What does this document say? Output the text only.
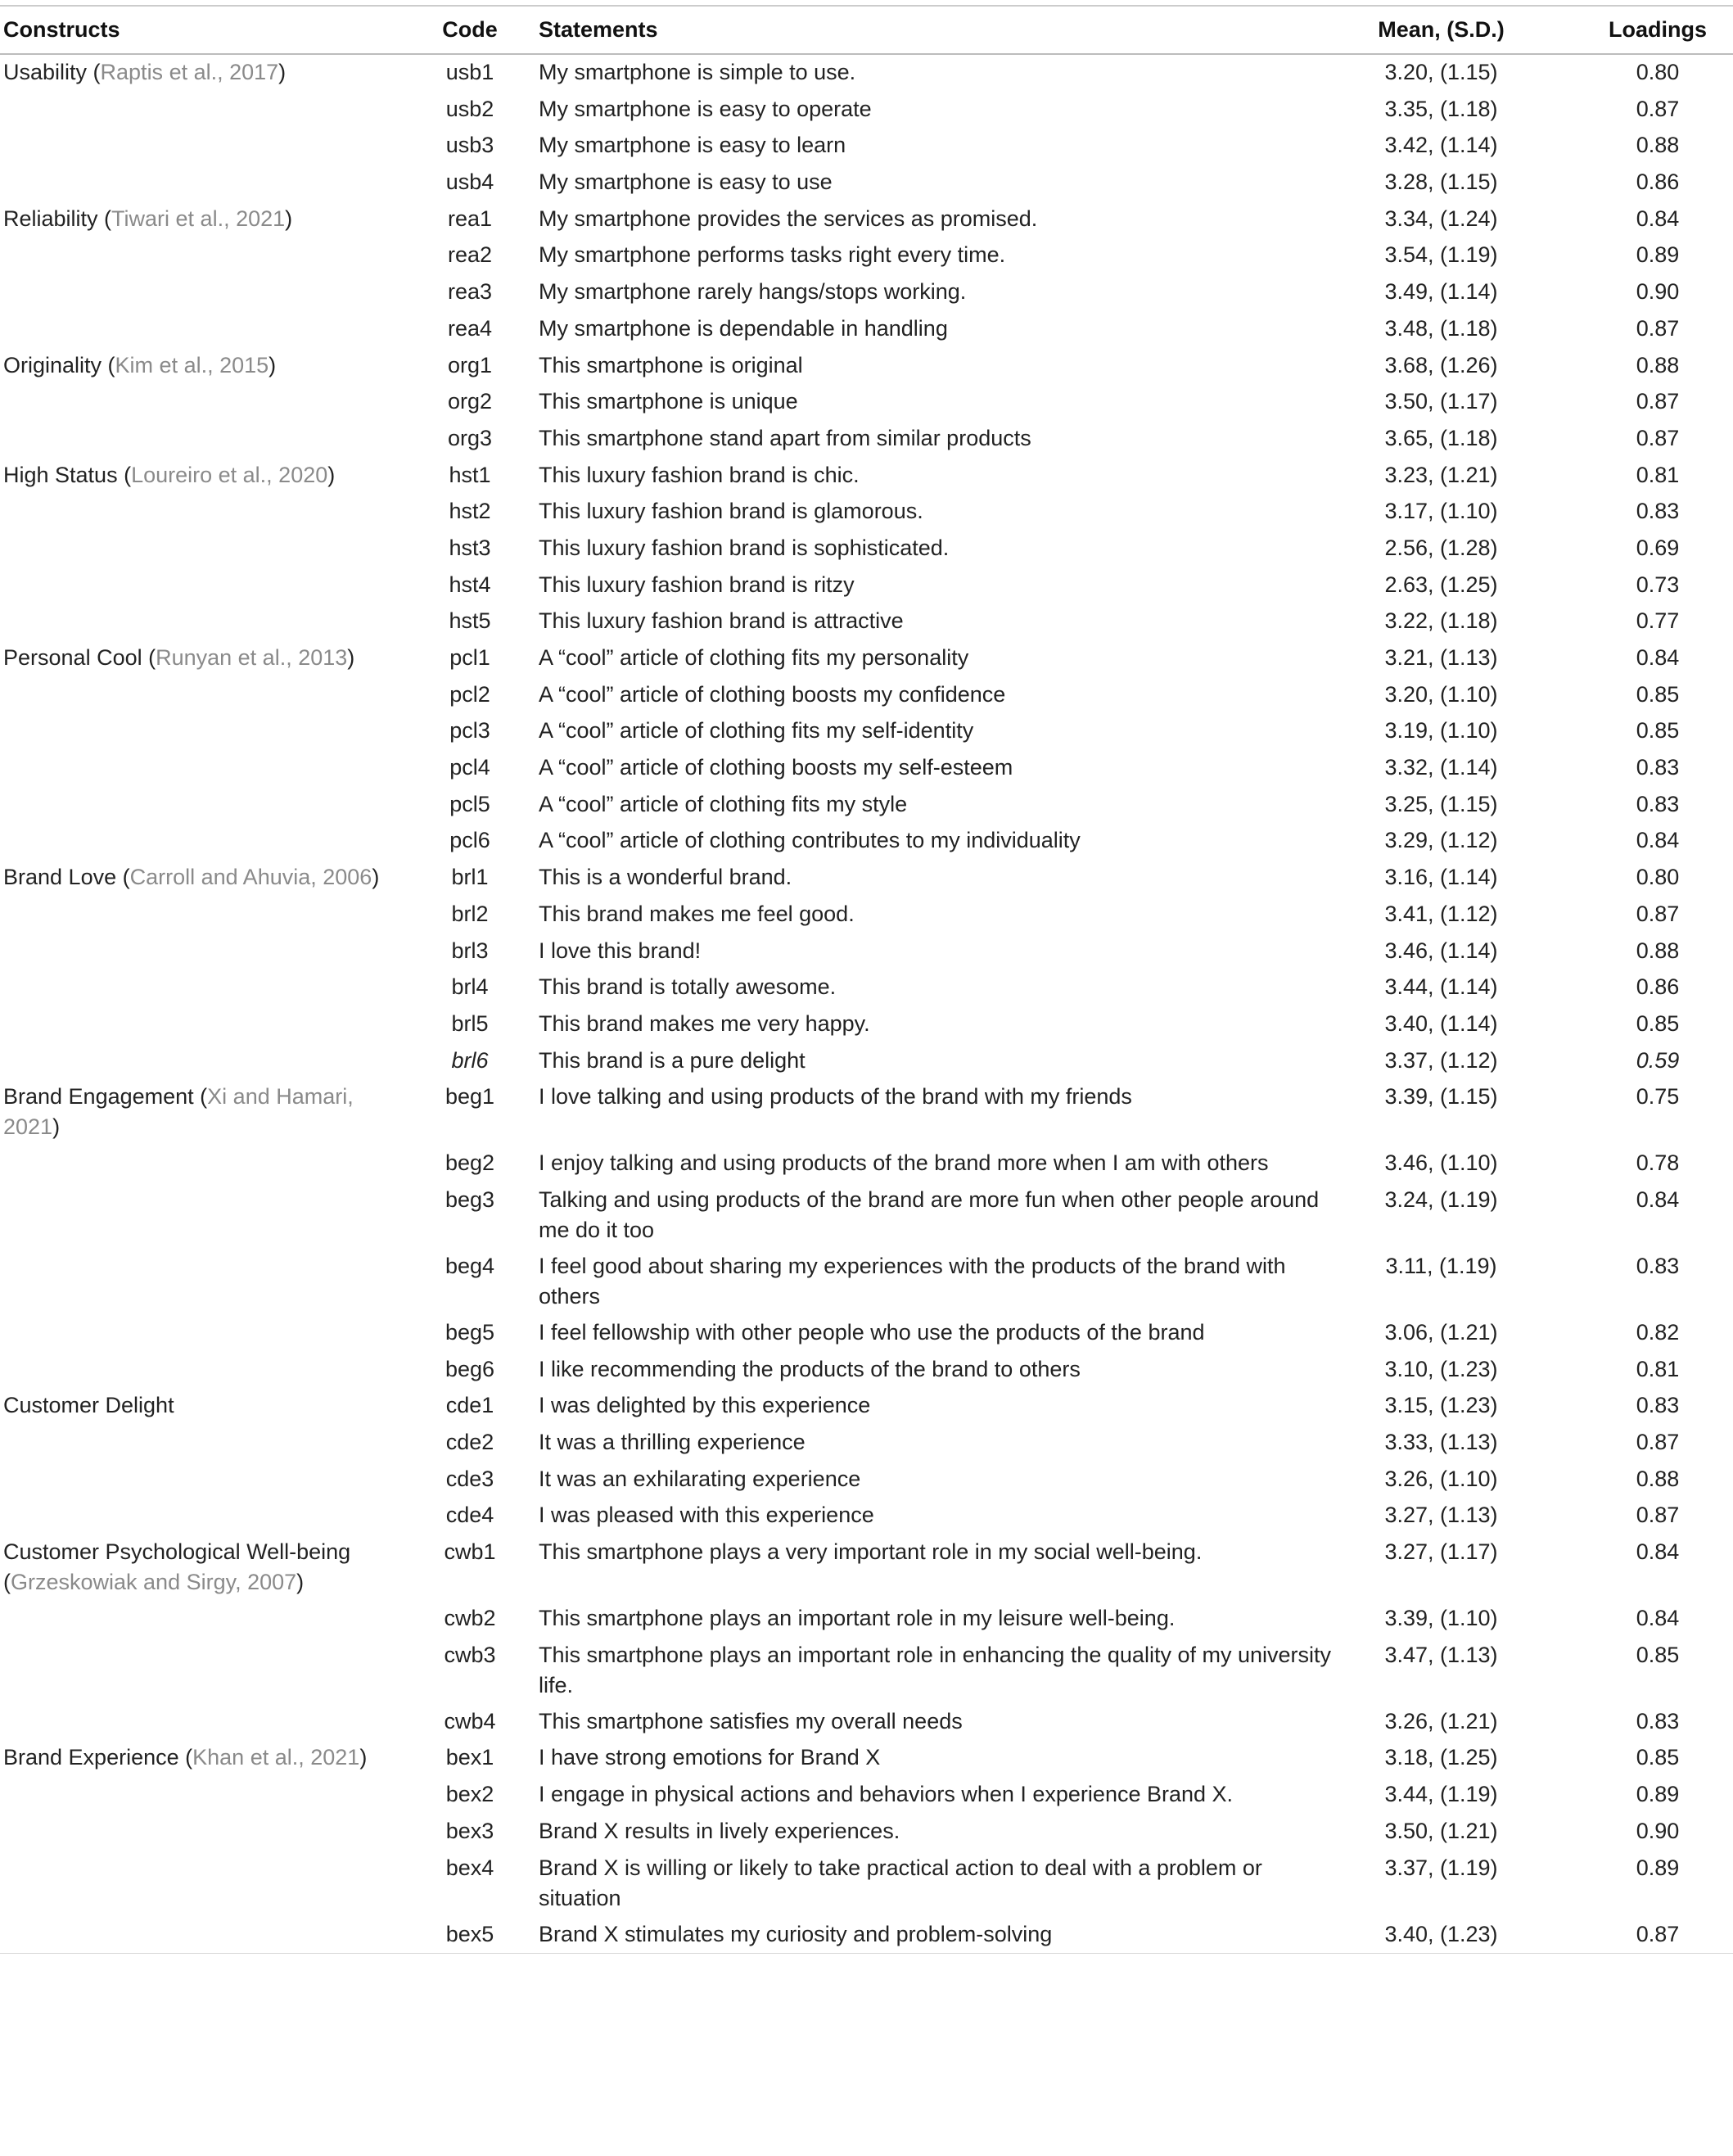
Constructs	Code	Statements	Mean, (S.D.)	Loadings
Usability (Raptis et al., 2017)	usb1	My smartphone is simple to use.	3.20, (1.15)	0.80
	usb2	My smartphone is easy to operate	3.35, (1.18)	0.87
	usb3	My smartphone is easy to learn	3.42, (1.14)	0.88
	usb4	My smartphone is easy to use	3.28, (1.15)	0.86
Reliability (Tiwari et al., 2021)	rea1	My smartphone provides the services as promised.	3.34, (1.24)	0.84
	rea2	My smartphone performs tasks right every time.	3.54, (1.19)	0.89
	rea3	My smartphone rarely hangs/stops working.	3.49, (1.14)	0.90
	rea4	My smartphone is dependable in handling	3.48, (1.18)	0.87
Originality (Kim et al., 2015)	org1	This smartphone is original	3.68, (1.26)	0.88
	org2	This smartphone is unique	3.50, (1.17)	0.87
	org3	This smartphone stand apart from similar products	3.65, (1.18)	0.87
High Status (Loureiro et al., 2020)	hst1	This luxury fashion brand is chic.	3.23, (1.21)	0.81
	hst2	This luxury fashion brand is glamorous.	3.17, (1.10)	0.83
	hst3	This luxury fashion brand is sophisticated.	2.56, (1.28)	0.69
	hst4	This luxury fashion brand is ritzy	2.63, (1.25)	0.73
	hst5	This luxury fashion brand is attractive	3.22, (1.18)	0.77
Personal Cool (Runyan et al., 2013)	pcl1	A “cool” article of clothing fits my personality	3.21, (1.13)	0.84
	pcl2	A “cool” article of clothing boosts my confidence	3.20, (1.10)	0.85
	pcl3	A “cool” article of clothing fits my self-identity	3.19, (1.10)	0.85
	pcl4	A “cool” article of clothing boosts my self-esteem	3.32, (1.14)	0.83
	pcl5	A “cool” article of clothing fits my style	3.25, (1.15)	0.83
	pcl6	A “cool” article of clothing contributes to my individuality	3.29, (1.12)	0.84
Brand Love (Carroll and Ahuvia, 2006)	brl1	This is a wonderful brand.	3.16, (1.14)	0.80
	brl2	This brand makes me feel good.	3.41, (1.12)	0.87
	brl3	I love this brand!	3.46, (1.14)	0.88
	brl4	This brand is totally awesome.	3.44, (1.14)	0.86
	brl5	This brand makes me very happy.	3.40, (1.14)	0.85
	brl6	This brand is a pure delight	3.37, (1.12)	0.59
Brand Engagement (Xi and Hamari, 2021)	beg1	I love talking and using products of the brand with my friends	3.39, (1.15)	0.75
	beg2	I enjoy talking and using products of the brand more when I am with others	3.46, (1.10)	0.78
	beg3	Talking and using products of the brand are more fun when other people around me do it too	3.24, (1.19)	0.84
	beg4	I feel good about sharing my experiences with the products of the brand with others	3.11, (1.19)	0.83
	beg5	I feel fellowship with other people who use the products of the brand	3.06, (1.21)	0.82
	beg6	I like recommending the products of the brand to others	3.10, (1.23)	0.81
Customer Delight	cde1	I was delighted by this experience	3.15, (1.23)	0.83
	cde2	It was a thrilling experience	3.33, (1.13)	0.87
	cde3	It was an exhilarating experience	3.26, (1.10)	0.88
	cde4	I was pleased with this experience	3.27, (1.13)	0.87
Customer Psychological Well-being (Grzeskowiak and Sirgy, 2007)	cwb1	This smartphone plays a very important role in my social well-being.	3.27, (1.17)	0.84
	cwb2	This smartphone plays an important role in my leisure well-being.	3.39, (1.10)	0.84
	cwb3	This smartphone plays an important role in enhancing the quality of my university life.	3.47, (1.13)	0.85
	cwb4	This smartphone satisfies my overall needs	3.26, (1.21)	0.83
Brand Experience (Khan et al., 2021)	bex1	I have strong emotions for Brand X	3.18, (1.25)	0.85
	bex2	I engage in physical actions and behaviors when I experience Brand X.	3.44, (1.19)	0.89
	bex3	Brand X results in lively experiences.	3.50, (1.21)	0.90
	bex4	Brand X is willing or likely to take practical action to deal with a problem or situation	3.37, (1.19)	0.89
	bex5	Brand X stimulates my curiosity and problem-solving	3.40, (1.23)	0.87
